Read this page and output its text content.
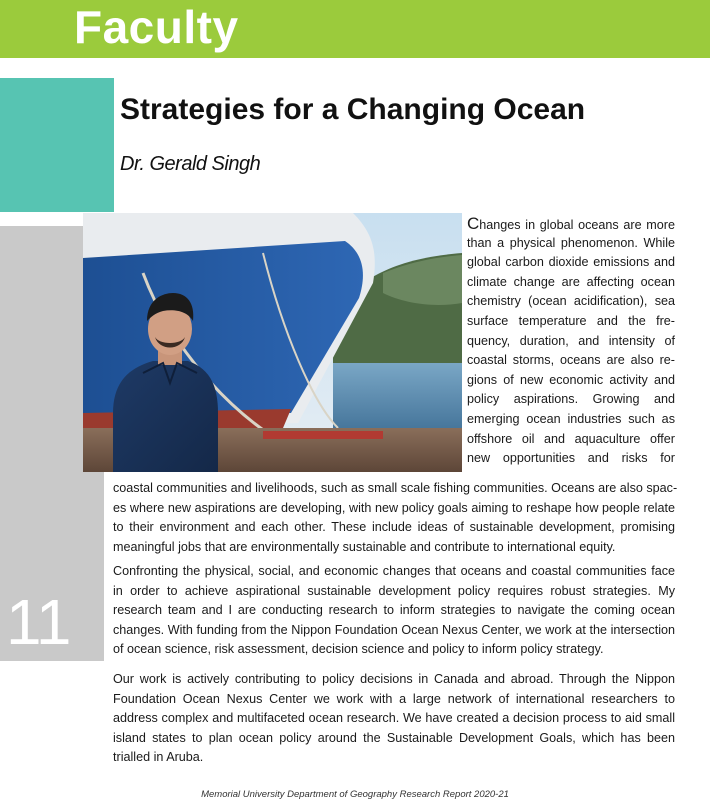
Faculty
11
Strategies for a Changing Ocean
Dr. Gerald Singh
Changes in global oceans are more
than a physical phenomenon. While
global carbon dioxide emissions and
climate change are affecting ocean
chemistry (ocean acidification), sea
surface temperature and the fre-
quency, duration, and intensity of
coastal storms, oceans are also re-
gions of new economic activity and
policy aspirations. Growing and
emerging ocean industries such as
offshore oil and aquaculture offer
new opportunities and risks for
coastal communities and livelihoods, such as small scale fishing communities. Oceans are also spac-
es where new aspirations are developing, with new policy goals aiming to reshape how people relate
to their environment and each other. These include ideas of sustainable development, promising
meaningful jobs that are environmentally sustainable and contribute to international equity.

Confronting the physical, social, and economic changes that oceans and coastal communities face in order to achieve aspirational sustainable development policy requires robust strategies. My research team and I are conducting research to inform strategies to navigate the coming ocean changes. With funding from the Nippon Foundation Ocean Nexus Center, we work at the intersection of ocean science, risk assessment, decision science and policy to inform policy strategy.

Our work is actively contributing to policy decisions in Canada and abroad. Through the Nippon Foundation Ocean Nexus Center we work with a large network of international researchers to address complex and multifaceted ocean research. We have created a decision process to aid small island states to plan ocean policy around the Sustainable Development Goals, which has been trialled in Aruba.

Memorial University Department of Geography Research Report 2020-21
